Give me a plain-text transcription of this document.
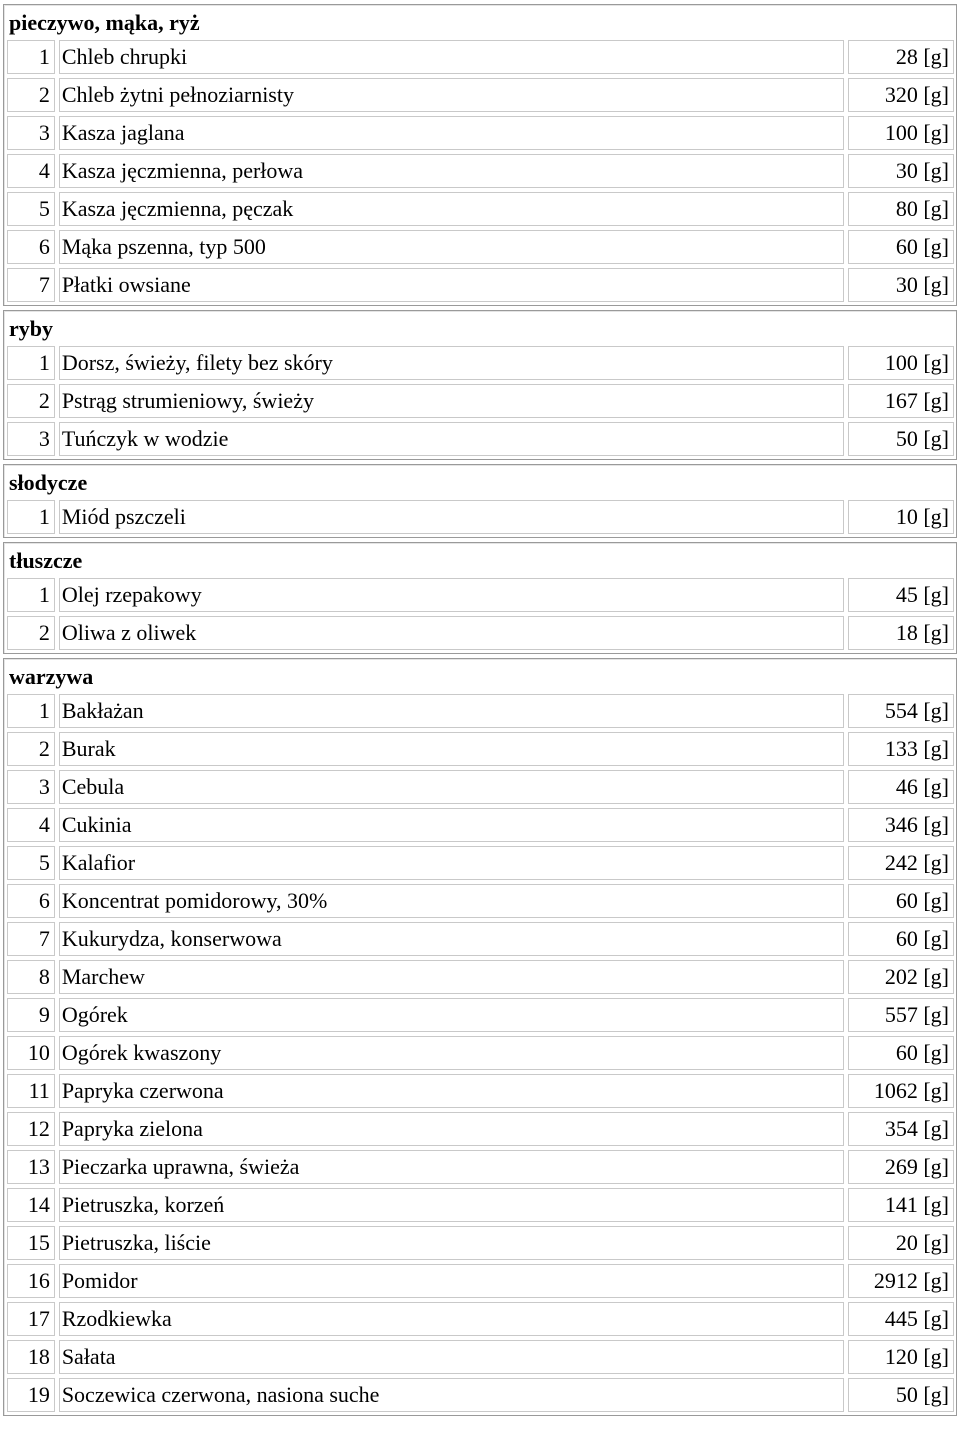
pieczywo, mąka, ryż
1 Chleb chrupki	28 [g]
2 Chleb żytni pełnoziarnisty	320 [g]
3 Kasza jaglana	100 [g]
4 Kasza jęczmienna, perłowa	30 [g]
5 Kasza jęczmienna, pęczak	80 [g]
6 Mąka pszenna, typ 500	60 [g]
7 Płatki owsiane	30 [g]
ryby
1 Dorsz, świeży, filety bez skóry	100 [g]
2 Pstrąg strumieniowy, świeży	167 [g]
3 Tuńczyk w wodzie	50 [g]
słodycze
1 Miód pszczeli	10 [g]
tłuszcze
1 Olej rzepakowy	45 [g]
2 Oliwa z oliwek	18 [g]
warzywa
1 Bakłażan	554 [g]
2 Burak	133 [g]
3 Cebula	46 [g]
4 Cukinia	346 [g]
5 Kalafior	242 [g]
6 Koncentrat pomidorowy, 30%	60 [g]
7 Kukurydza, konserwowa	60 [g]
8 Marchew	202 [g]
9 Ogórek	557 [g]
10 Ogórek kwaszony	60 [g]
11 Papryka czerwona	1062 [g]
12 Papryka zielona	354 [g]
13 Pieczarka uprawna, świeża	269 [g]
14 Pietruszka, korzeń	141 [g]
15 Pietruszka, liście	20 [g]
16 Pomidor	2912 [g]
17 Rzodkiewka	445 [g]
18 Sałata	120 [g]
19 Soczewica czerwona, nasiona suche	50 [g]
